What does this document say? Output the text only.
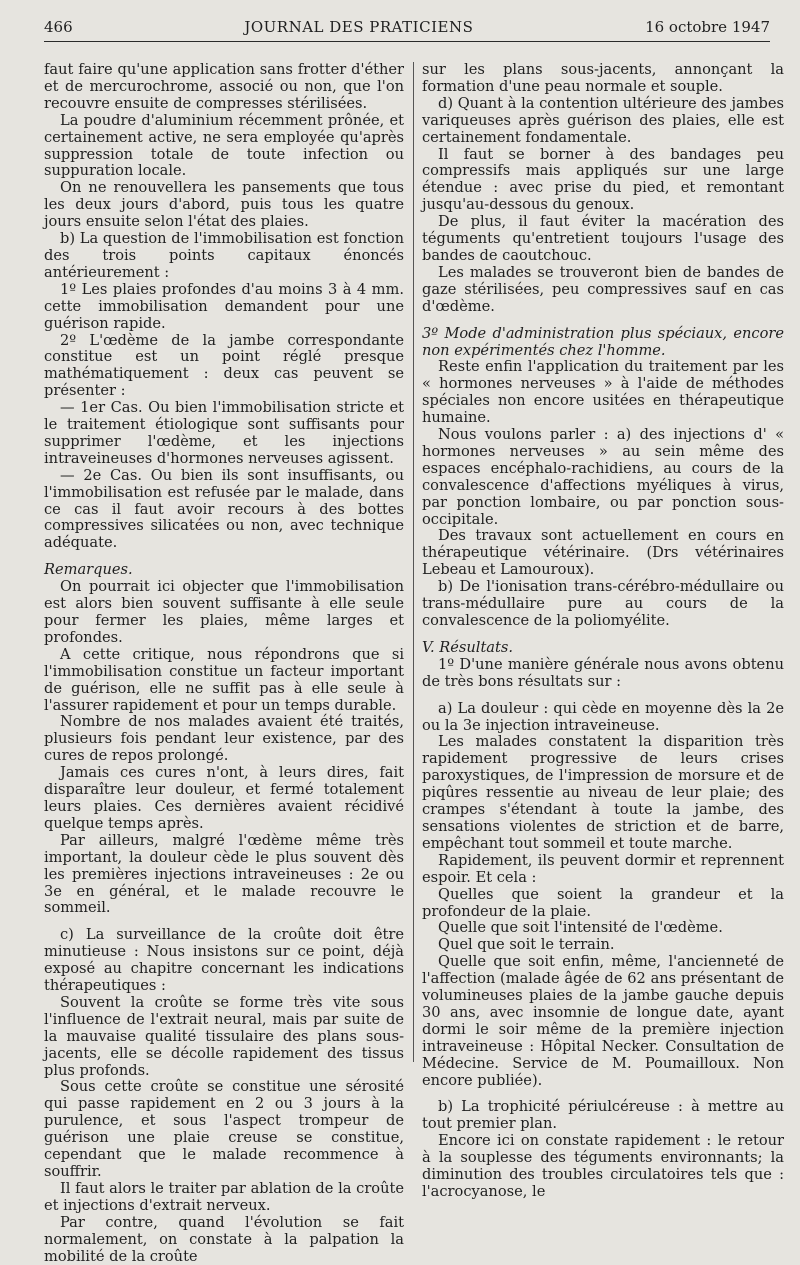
466	JOURNAL DES PRATICIENS	16 octobre 1947

faut faire qu'une application sans frotter d'éther et de mercurochrome, associé ou non, que l'on recouvre ensuite de compresses stérilisées.

La poudre d'aluminium récemment prônée, et certainement active, ne sera employée qu'après suppression totale de toute infection ou suppuration locale.

On ne renouvellera les pansements que tous les deux jours d'abord, puis tous les quatre jours ensuite selon l'état des plaies.

b) La question de l'immobilisation est fonction des trois points capitaux énoncés antérieurement :

1º Les plaies profondes d'au moins 3 à 4 mm. cette immobilisation demandent pour une guérison rapide.

2º L'œdème de la jambe correspondante constitue est un point réglé presque mathématiquement : deux cas peuvent se présenter :

— 1er Cas. Ou bien l'immobilisation stricte et le traitement étiologique sont suffisants pour supprimer l'œdème, et les injections intraveineuses d'hormones nerveuses agissent.

— 2e Cas. Ou bien ils sont insuffisants, ou l'immobilisation est refusée par le malade, dans ce cas il faut avoir recours à des bottes compressives silicatées ou non, avec technique adéquate.

Remarques.

On pourrait ici objecter que l'immobilisation est alors bien souvent suffisante à elle seule pour fermer les plaies, même larges et profondes.

A cette critique, nous répondrons que si l'immobilisation constitue un facteur important de guérison, elle ne suffit pas à elle seule à l'assurer rapidement et pour un temps durable.

Nombre de nos malades avaient été traités, plusieurs fois pendant leur existence, par des cures de repos prolongé.

Jamais ces cures n'ont, à leurs dires, fait disparaître leur douleur, et fermé totalement leurs plaies. Ces dernières avaient récidivé quelque temps après.

Par ailleurs, malgré l'œdème même très important, la douleur cède le plus souvent dès les premières injections intraveineuses : 2e ou 3e en général, et le malade recouvre le sommeil.

c) La surveillance de la croûte doit être minutieuse : Nous insistons sur ce point, déjà exposé au chapitre concernant les indications thérapeutiques :

Souvent la croûte se forme très vite sous l'influence de l'extrait neural, mais par suite de la mauvaise qualité tissulaire des plans sous-jacents, elle se décolle rapidement des tissus plus profonds.

Sous cette croûte se constitue une sérosité qui passe rapidement en 2 ou 3 jours à la purulence, et sous l'aspect trompeur de guérison une plaie creuse se constitue, cependant que le malade recommence à souffrir.

Il faut alors le traiter par ablation de la croûte et injections d'extrait nerveux.

Par contre, quand l'évolution se fait normalement, on constate à la palpation la mobilité de la croûte

sur les plans sous-jacents, annonçant la formation d'une peau normale et souple.

d) Quant à la contention ultérieure des jambes variqueuses après guérison des plaies, elle est certainement fondamentale.

Il faut se borner à des bandages peu compressifs mais appliqués sur une large étendue : avec prise du pied, et remontant jusqu'au-dessous du genoux.

De plus, il faut éviter la macération des téguments qu'entretient toujours l'usage des bandes de caoutchouc.

Les malades se trouveront bien de bandes de gaze stérilisées, peu compressives sauf en cas d'œdème.

3º Mode d'administration plus spéciaux, encore non expérimentés chez l'homme.

Reste enfin l'application du traitement par les « hormones nerveuses » à l'aide de méthodes spéciales non encore usitées en thérapeutique humaine.

Nous voulons parler : a) des injections d' « hormones nerveuses » au sein même des espaces encéphalo-rachidiens, au cours de la convalescence d'affections myéliques à virus, par ponction lombaire, ou par ponction sous-occipitale.

Des travaux sont actuellement en cours en thérapeutique vétérinaire. (Drs vétérinaires Lebeau et Lamouroux).

b) De l'ionisation trans-cérébro-médullaire ou trans-médullaire pure au cours de la convalescence de la poliomyélite.

V. Résultats.

1º D'une manière générale nous avons obtenu de très bons résultats sur :

a) La douleur : qui cède en moyenne dès la 2e ou la 3e injection intraveineuse.

Les malades constatent la disparition très rapidement progressive de leurs crises paroxystiques, de l'impression de morsure et de piqûres ressentie au niveau de leur plaie; des crampes s'étendant à toute la jambe, des sensations violentes de striction et de barre, empêchant tout sommeil et toute marche.

Rapidement, ils peuvent dormir et reprennent espoir. Et cela :

Quelles que soient la grandeur et la profondeur de la plaie.

Quelle que soit l'intensité de l'œdème.

Quel que soit le terrain.

Quelle que soit enfin, même, l'ancienneté de l'affection (malade âgée de 62 ans présentant de volumineuses plaies de la jambe gauche depuis 30 ans, avec insomnie de longue date, ayant dormi le soir même de la première injection intraveineuse : Hôpital Necker. Consultation de Médecine. Service de M. Poumailloux. Non encore publiée).

b) La trophicité périulcéreuse : à mettre au tout premier plan.

Encore ici on constate rapidement : le retour à la souplesse des téguments environnants; la diminution des troubles circulatoires tels que : l'acrocyanose, le
